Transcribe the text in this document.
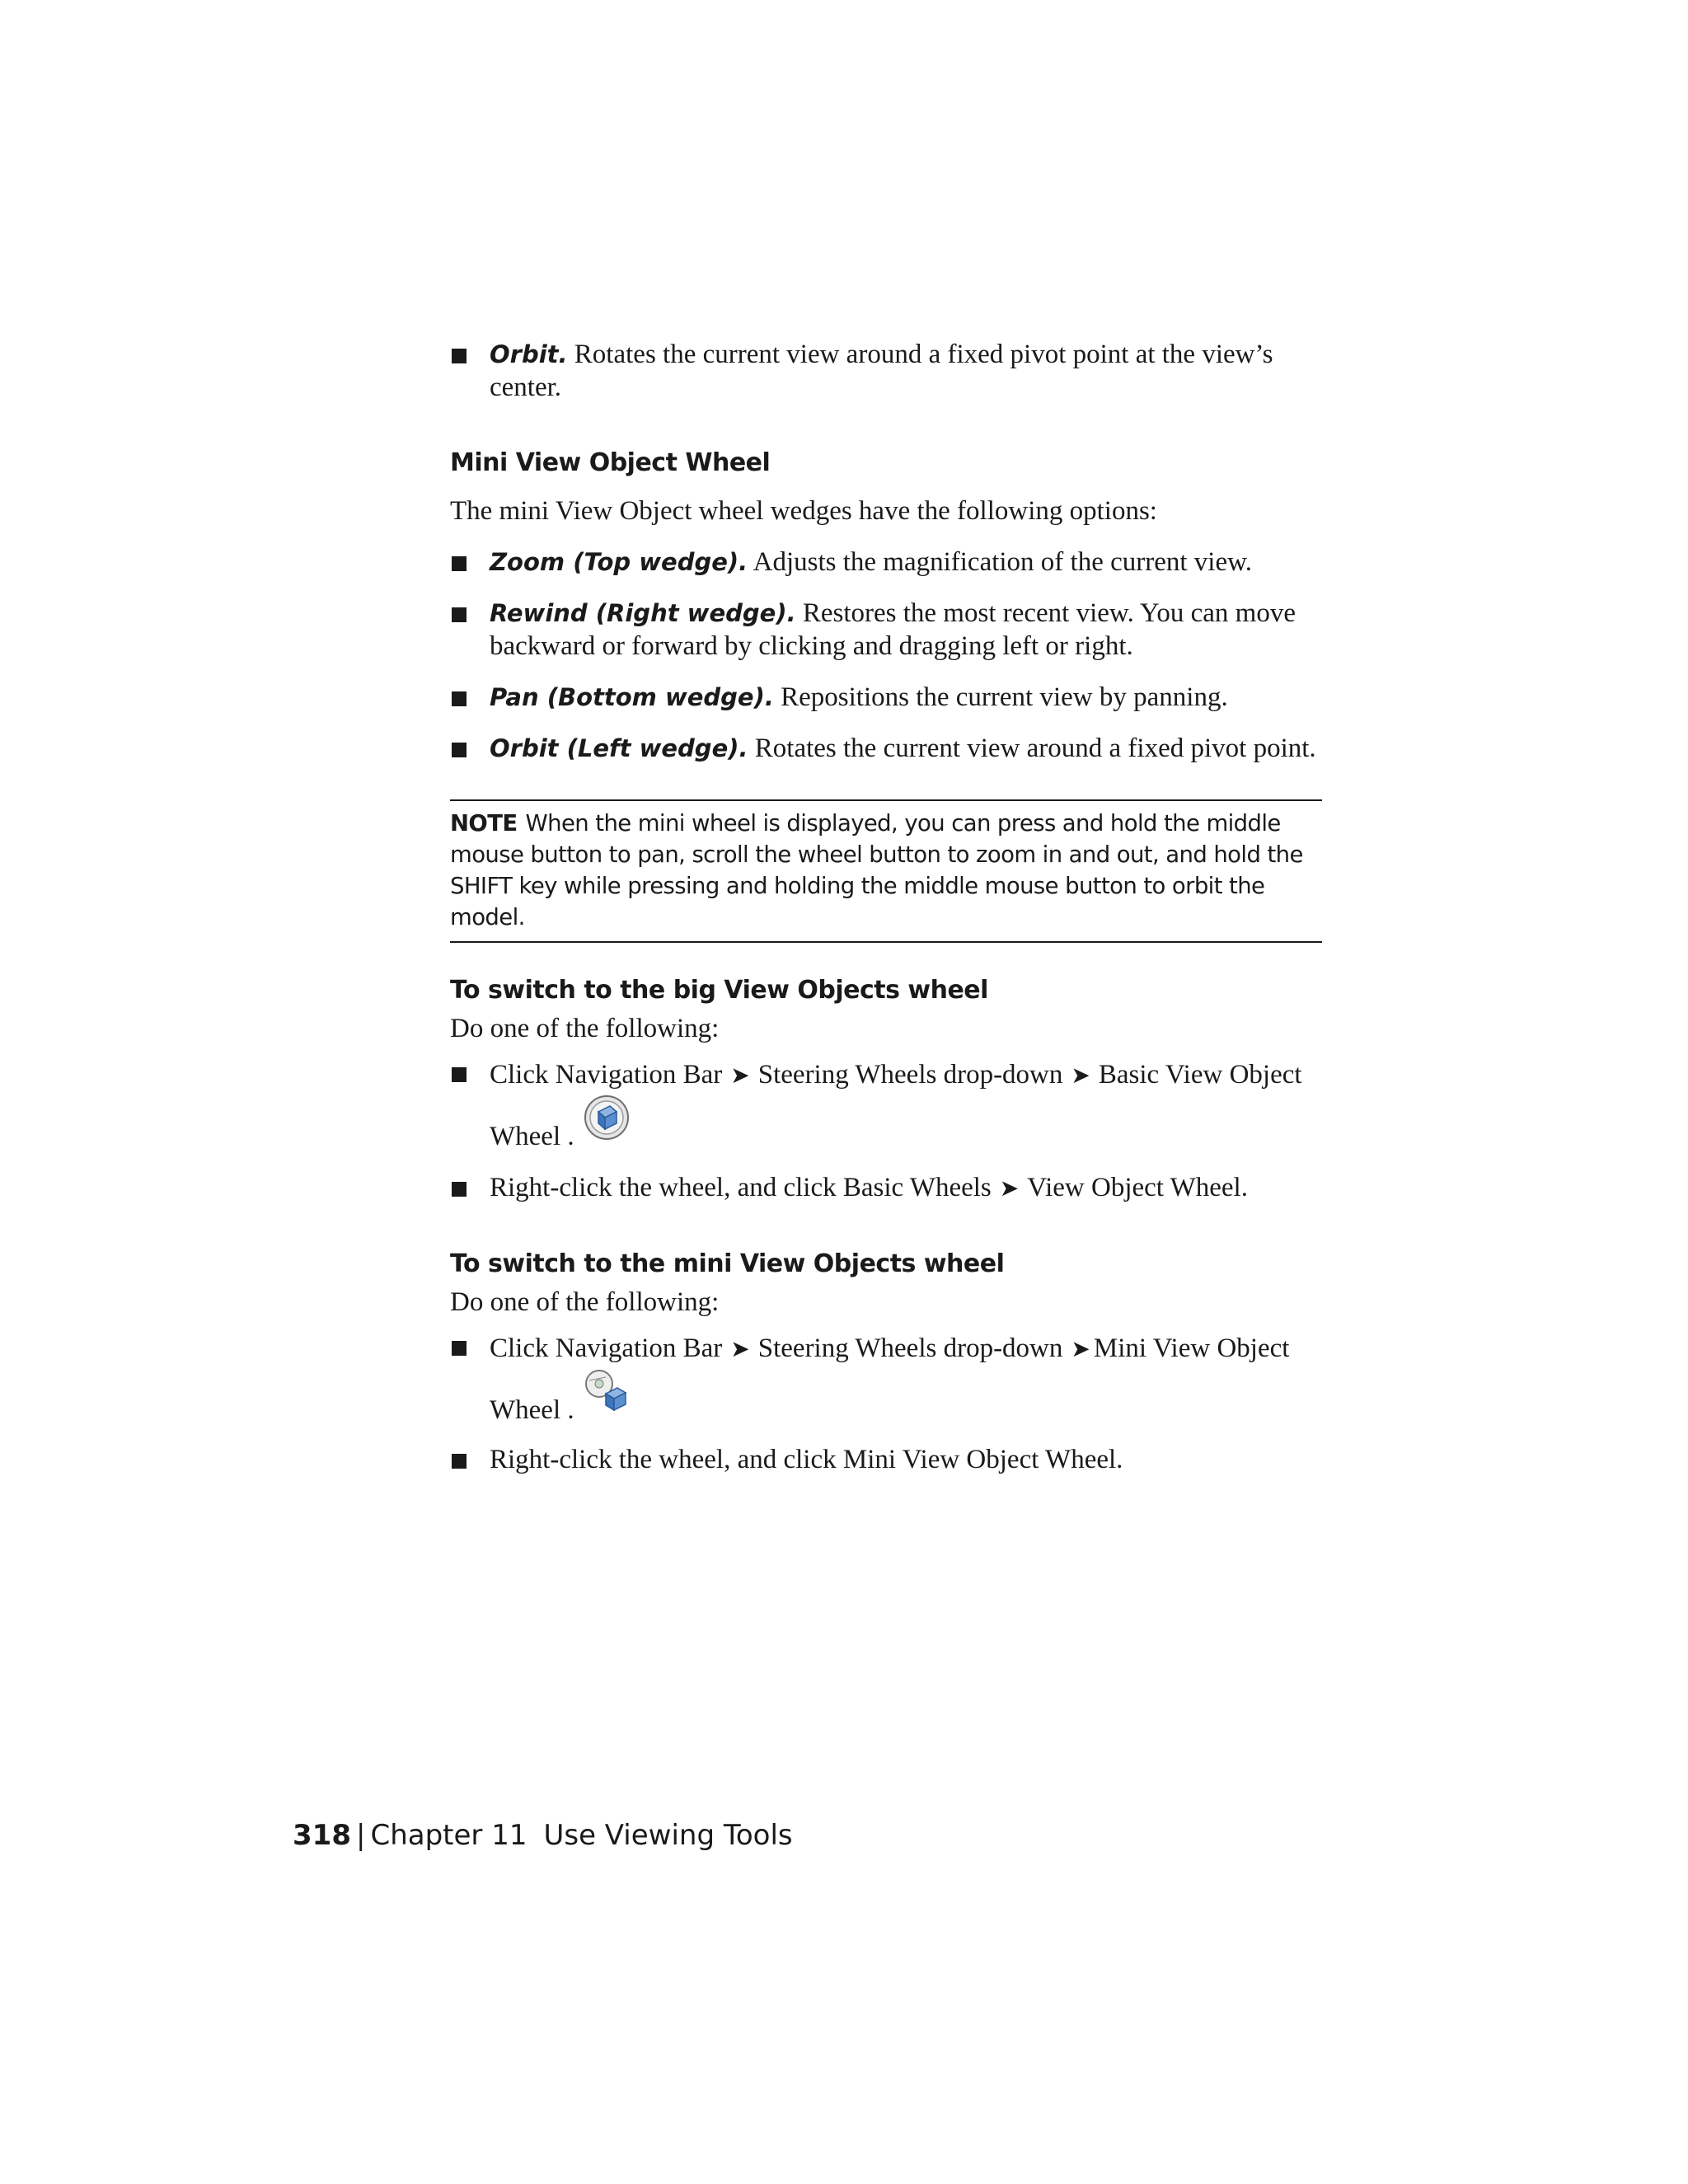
Orbit. Rotates the current view around a fixed pivot point at the view’s center.
Mini View Object Wheel

The mini View Object wheel wedges have the following options:

Zoom (Top wedge). Adjusts the magnification of the current view.
Rewind (Right wedge). Restores the most recent view. You can move backward or forward by clicking and dragging left or right.
Pan (Bottom wedge). Repositions the current view by panning.
Orbit (Left wedge). Rotates the current view around a fixed pivot point.
NOTE When the mini wheel is displayed, you can press and hold the middle mouse button to pan, scroll the wheel button to zoom in and out, and hold the SHIFT key while pressing and holding the middle mouse button to orbit the model.
To switch to the big View Objects wheel

Do one of the following:

Click Navigation Bar ➤ Steering Wheels drop-down ➤ Basic View Object
Wheel .
Right-click the wheel, and click Basic Wheels ➤ View Object Wheel.
To switch to the mini View Objects wheel

Do one of the following:

Click Navigation Bar ➤ Steering Wheels drop-down ➤ Mini View Object
Wheel .
Right-click the wheel, and click Mini View Object Wheel.
318 | Chapter 11 Use Viewing Tools
